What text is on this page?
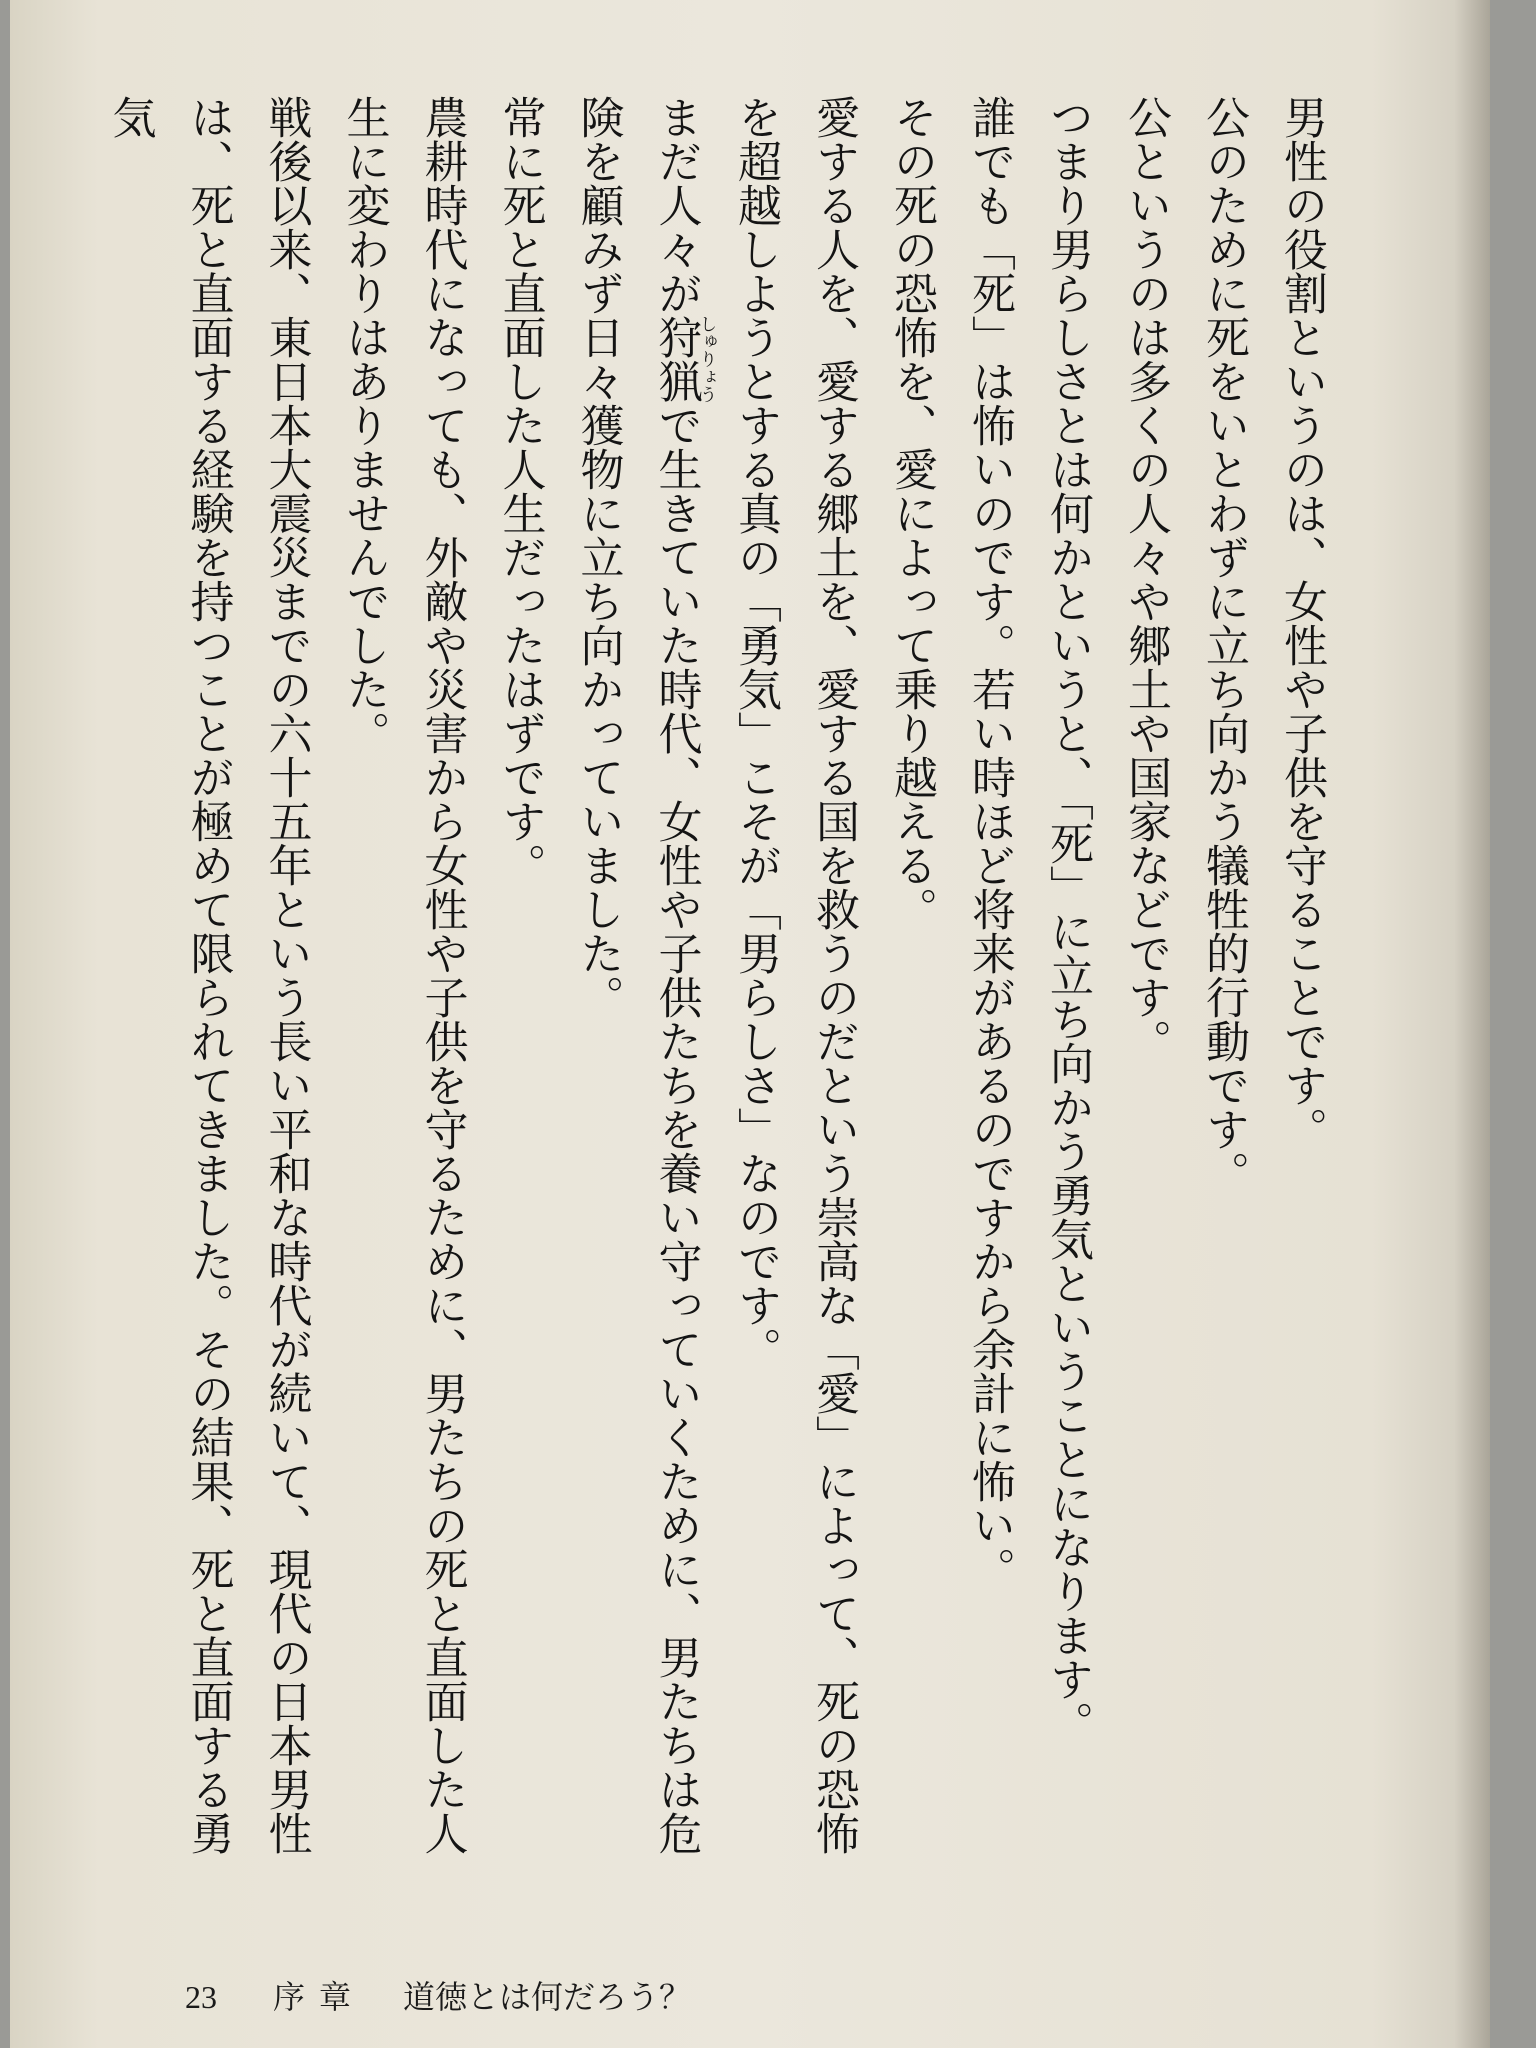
男性の役割というのは、女性や子供を守ることです。
公のために死をいとわずに立ち向かう犠牲的行動です。
公というのは多くの人々や郷土や国家などです。
つまり男らしさとは何かというと、「死」に立ち向かう勇気ということになります。
誰でも「死」は怖いのです。若い時ほど将来があるのですから余計に怖い。
その死の恐怖を、愛によって乗り越える。
愛する人を、愛する郷土を、愛する国を救うのだという崇高な「愛」によって、死の恐怖
を超越しようとする真の「勇気」こそが「男らしさ」なのです。
まだ人々が狩猟しゅりょうで生きていた時代、女性や子供たちを養い守っていくために、男たちは危
険を顧みず日々獲物に立ち向かっていました。
常に死と直面した人生だったはずです。
農耕時代になっても、外敵や災害から女性や子供を守るために、男たちの死と直面した人
生に変わりはありませんでした。
戦後以来、東日本大震災までの六十五年という長い平和な時代が続いて、現代の日本男性
は、死と直面する経験を持つことが極めて限られてきました。その結果、死と直面する勇気
23 序章 道徳とは何だろう？
